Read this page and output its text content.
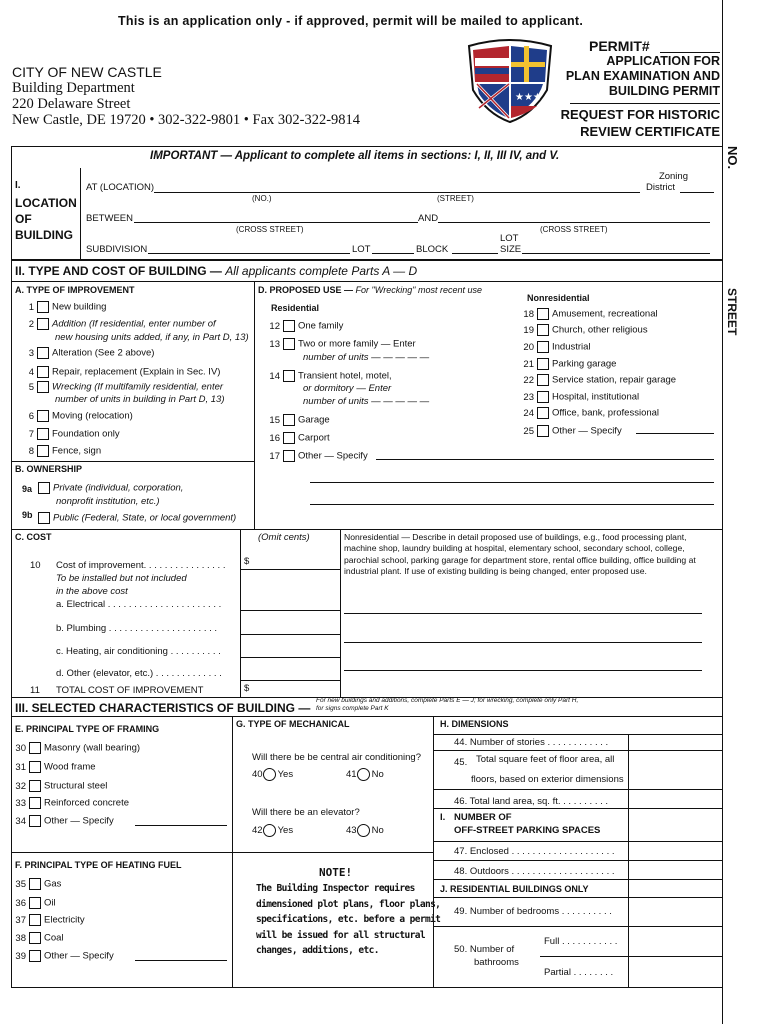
This is an application only - if approved, permit will be mailed to applicant.
CITY OF NEW CASTLE
Building Department
220 Delaware Street
New Castle, DE 19720 • 302-322-9801 • Fax 302-322-9814
★★★
PERMIT#
APPLICATION FOR
PLAN EXAMINATION AND
BUILDING PERMIT
REQUEST FOR HISTORIC
REVIEW CERTIFICATE
NO.
STREET
IMPORTANT — Applicant to complete all items in sections: I, II, III IV, and V.
I.
LOCATION
OF
BUILDING
AT (LOCATION)
Zoning
District
(NO.)	(STREET)
BETWEEN	AND
(CROSS STREET)	(CROSS STREET)
SUBDIVISION	LOT	BLOCK
LOT
SIZE
II. TYPE AND COST OF BUILDING — All applicants complete Parts A — D
A. TYPE OF IMPROVEMENT
1 New building
2 Addition (If residential, enter number of
new housing units added, if any, in Part D, 13)
3 Alteration (See 2 above)
4 Repair, replacement (Explain in Sec. IV)
5 Wrecking (If multifamily residential, enter
number of units in building in Part D, 13)
6 Moving (relocation)
7 Foundation only
8 Fence, sign
D. PROPOSED USE — For "Wrecking" most recent use
Residential
12 One family
13 Two or more family — Enter
number of units — — — — —
14 Transient hotel, motel,
or dormitory — Enter
number of units — — — — —
15 Garage
16 Carport
17 Other — Specify
Nonresidential
18 Amusement, recreational
19 Church, other religious
20 Industrial
21 Parking garage
22 Service station, repair garage
23 Hospital, institutional
24 Office, bank, professional
25 Other — Specify
B. OWNERSHIP
9a	Private (individual, corporation,
nonprofit institution, etc.)
9b	Public (Federal, State, or local government)
C. COST	(Omit cents)
10 Cost of improvement. . . . . . . . . . . . . . . . $
To be installed but not included
in the above cost
a. Electrical . . . . . . . . . . . . . . . . . . . . . .
b. Plumbing . . . . . . . . . . . . . . . . . . . . .
c. Heating, air conditioning . . . . . . . . . .
d. Other (elevator, etc.) . . . . . . . . . . . . .
11 TOTAL COST OF IMPROVEMENT	$
Nonresidential — Describe in detail proposed use of buildings, e.g., food processing plant, machine shop, laundry building at hospital, elementary school, secondary school, college, parochial school, parking garage for department store, rental office building, office building at industrial plant. If use of existing building is being changed, enter proposed use.
III. SELECTED CHARACTERISTICS OF BUILDING —
For new buildings and additions, complete Parts E — J; for wrecking, complete only Part H,
for signs complete Part K
E. PRINCIPAL TYPE OF FRAMING
30 Masonry (wall bearing)
31 Wood frame
32 Structural steel
33 Reinforced concrete
34 Other — Specify
F. PRINCIPAL TYPE OF HEATING FUEL
35 Gas
36 Oil
37 Electricity
38 Coal
39 Other — Specify
G. TYPE OF MECHANICAL
Will there be be central air conditioning?
40 Yes	41 No
Will there be an elevator?
42 Yes	43 No
NOTE!
The Building Inspector requires
dimensioned plot plans, floor plans,
specifications, etc. before a permit
will be issued for all structural
changes, additions, etc.
H. DIMENSIONS
44. Number of stories . . . . . . . . . . . .
45. Total square feet of floor area, all
floors, based on exterior dimensions
46. Total land area, sq. ft. . . . . . . . . .
I. NUMBER OF
OFF-STREET PARKING SPACES
47. Enclosed . . . . . . . . . . . . . . . . . . . .
48. Outdoors . . . . . . . . . . . . . . . . . . . .
J. RESIDENTIAL BUILDINGS ONLY
49. Number of bedrooms . . . . . . . . . .
50. Number of
bathrooms
Full . . . . . . . . . . .
Partial . . . . . . . .
